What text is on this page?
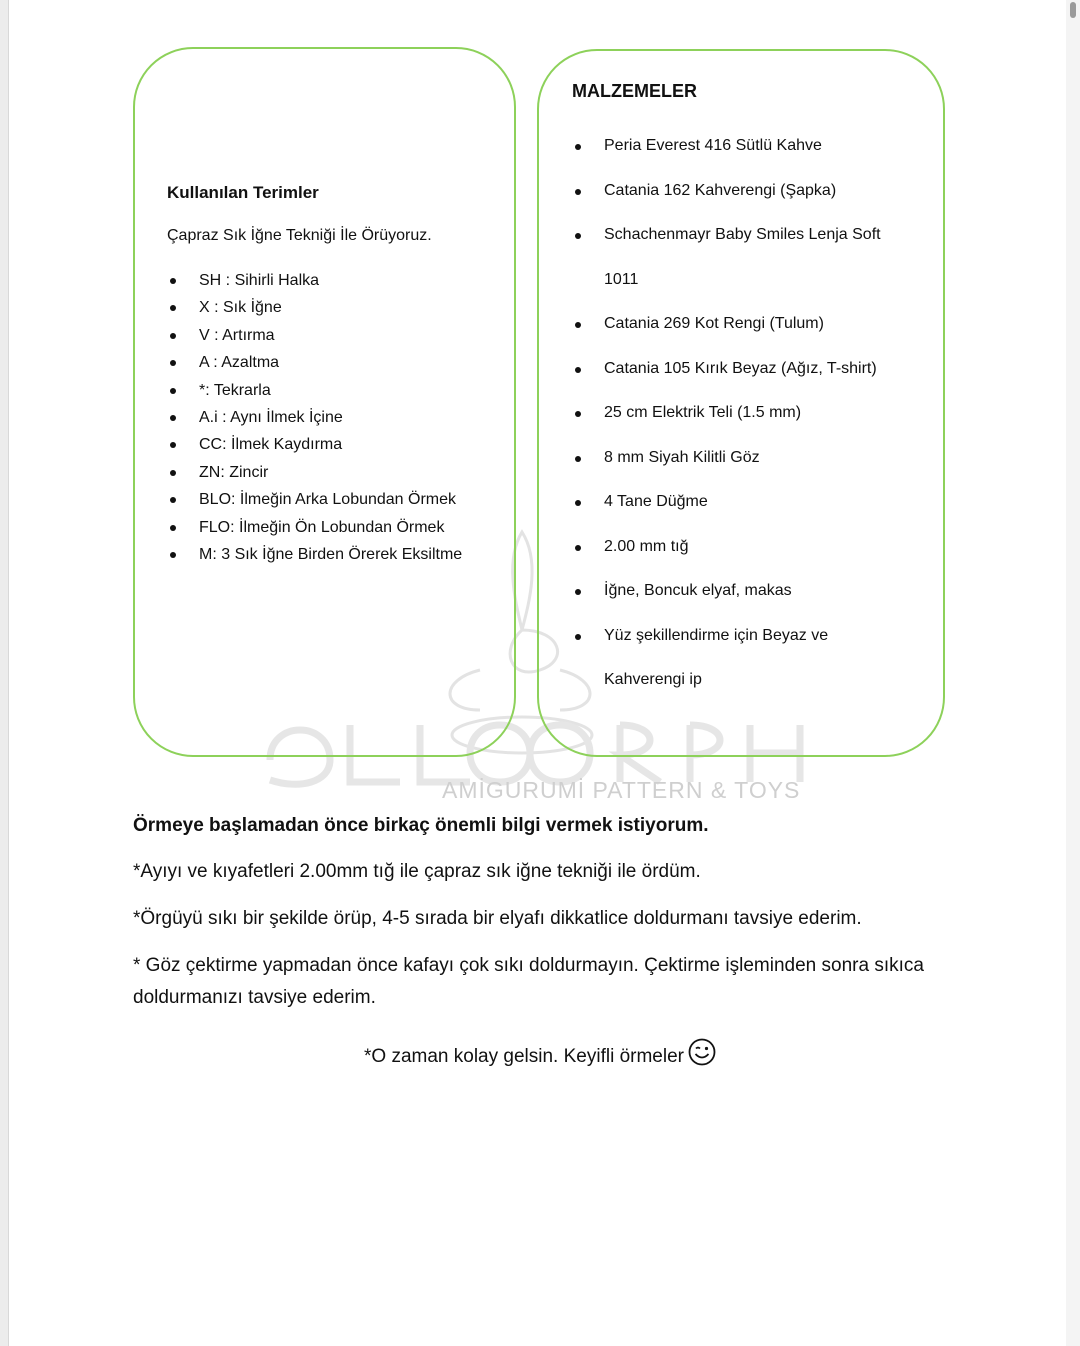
AMİGURUMİ PATTERN & TOYS
Kullanılan Terimler
Çapraz Sık İğne Tekniği İle Örüyoruz.
SH : Sihirli Halka
X : Sık İğne
V : Artırma
A : Azaltma
*: Tekrarla
A.i : Aynı İlmek İçine
CC: İlmek Kaydırma
ZN: Zincir
BLO: İlmeğin Arka Lobundan Örmek
FLO: İlmeğin Ön Lobundan Örmek
M: 3 Sık İğne Birden Örerek Eksiltme
MALZEMELER
Peria Everest 416 Sütlü Kahve
Catania 162 Kahverengi (Şapka)
Schachenmayr Baby Smiles Lenja Soft 1011
Catania 269 Kot Rengi (Tulum)
Catania 105 Kırık Beyaz (Ağız, T-shirt)
25 cm Elektrik Teli (1.5 mm)
8 mm Siyah Kilitli Göz
4 Tane Düğme
2.00 mm tığ
İğne, Boncuk elyaf, makas
Yüz şekillendirme için Beyaz ve Kahverengi ip

Örmeye başlamadan önce birkaç önemli bilgi vermek istiyorum.

*Ayıyı ve kıyafetleri 2.00mm tığ ile çapraz sık iğne tekniği ile ördüm.

*Örgüyü sıkı bir şekilde örüp, 4-5 sırada bir elyafı dikkatlice doldurmanı tavsiye ederim.

* Göz çektirme yapmadan önce kafayı çok sıkı doldurmayın. Çektirme işleminden sonra sıkıca doldurmanızı tavsiye ederim.

*O zaman kolay gelsin. Keyifli örmeler
